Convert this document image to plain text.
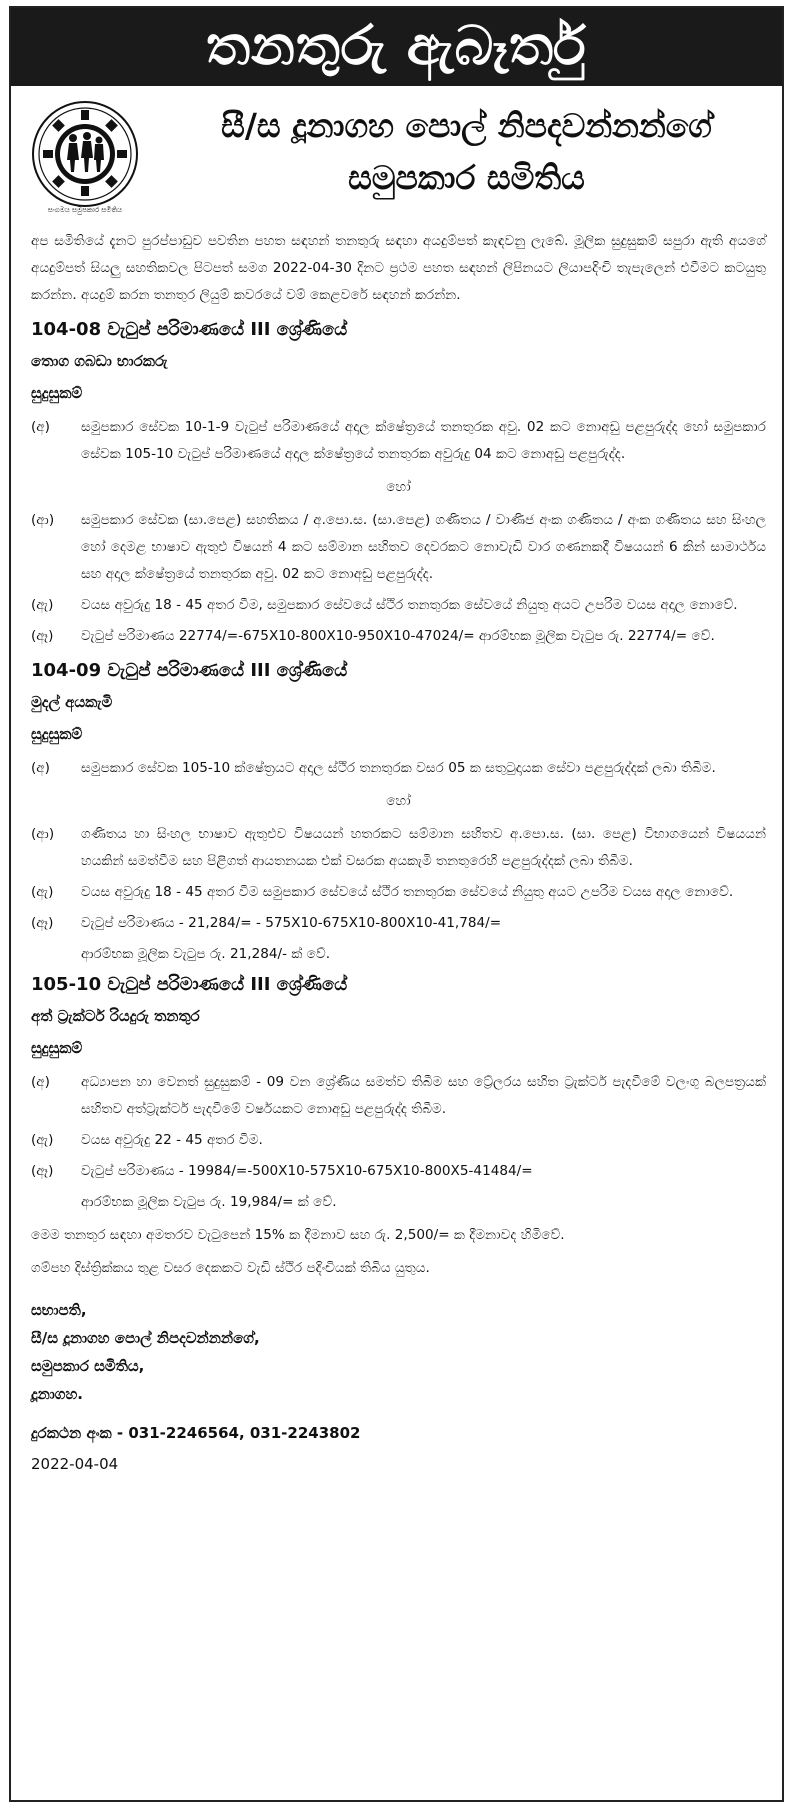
තනතුරු ඇබෑර්තු
සංගමය සමුපකාර සමිතිය
සී/ස දූනාගහ පොල් නිපදවන්නන්ගේ
සමුපකාර සමිතිය

අප සමිතියේ දැනට පුරප්පාඩුව පවතින පහත සඳහන් තනතුරු සඳහා අයදුම්පත් කැඳවනු ලැබේ. මූලික සුදුසුකම් සපුරා ඇති අයගේ අයදුම්පත් සියලු සහතිකවල පිටපත් සමග 2022-04-30 දිනට ප්‍රථම පහත සඳහන් ලිපිනයට ලියාපදිංචි තැපැලෙන් එවීමට කටයුතු කරන්න. අයදුම් කරන තනතුර ලියුම් කවරයේ වම් කෙළවරේ සඳහන් කරන්න.

104-08 වැටුප් පරිමාණයේ III ශ්‍රේණියේ

තොග ගබඩා භාරකරු

සුදුසුකම්

(අ)	සමුපකාර සේවක 10-1-9 වැටුප් පරිමාණයේ අදාල ක්ෂේත්‍රයේ තනතුරක අවු. 02 කට නොඅඩු පළපුරුද්ද හෝ සමුපකාර සේවක 105-10 වැටුප් පරිමාණයේ අදාල ක්ෂේත්‍රයේ තනතුරක අවුරුදු 04 කට නොඅඩු පළපුරුද්ද.
හෝ
(ආ)	සමුපකාර සේවක (සා.පෙළ) සහතිකය / අ.පො.ස. (සා.පෙළ) ගණිතය / වාණිජ අංක ගණිතය / අංක ගණිතය සහ සිංහල හෝ දෙමළ භාෂාව ඇතුළු විෂයන් 4 කට සම්මාන සහිතව දෙවරකට නොවැඩි වාර ගණනකදී විෂයයන් 6 කින් සාමාර්ථය සහ අදාල ක්ෂේත්‍රයේ තනතුරක අවු. 02 කට නොඅඩු පළපුරුද්ද.
(ඇ)	වයස අවුරුදු 18 - 45 අතර වීම, සමුපකාර සේවයේ ස්ථිර තනතුරක සේවයේ නියුතු අයට උපරිම වයස අදාල නොවේ.
(ඈ)	වැටුප් පරිමාණය 22774/=-675X10-800X10-950X10-47024/= ආරම්භක මූලික වැටුප රු. 22774/= වේ.

104-09 වැටුප් පරිමාණයේ III ශ්‍රේණියේ

මුදල් අයකැමි

සුදුසුකම්

(අ)	සමුපකාර සේවක 105-10 ක්ෂේත්‍රයට අදාල ස්ථිර තනතුරක වසර 05 ක සතුටුදායක සේවා පළපුරුද්දක් ලබා තිබීම.
හෝ
(ආ)	ගණිතය හා සිංහල භාෂාව ඇතුළුව විෂයයන් හතරකට සම්මාන සහිතව අ.පො.ස. (සා. පෙළ) විභාගයෙන් විෂයයන් හයකින් සමත්වීම සහ පිළිගත් ආයතනයක එක් වසරක අයකැමි තනතුරෙහි පළපුරුද්දක් ලබා තිබීම.
(ඇ)	වයස අවුරුදු 18 - 45 අතර වීම සමුපකාර සේවයේ ස්ථිර තනතුරක සේවයේ නියුතු අයට උපරිම වයස අදාල නොවේ.
(ඈ)	වැටුප් පරිමාණය - 21,284/= - 575X10-675X10-800X10-41,784/=
ආරම්භක මූලික වැටුප රු. 21,284/- ක් වේ.

105-10 වැටුප් පරිමාණයේ III ශ්‍රේණියේ

අත් ට්‍රැක්ටර් රියදුරු තනතුර

සුදුසුකම්

(අ)	අධ්‍යාපන හා වෙනත් සුදුසුකම් - 09 වන ශ්‍රේණිය සමත්ව තිබීම සහ ට්‍රේලරය සහිත ට්‍රැක්ටර් පැදවීමේ වලංගු බලපත්‍රයක් සහිතව අත්ට්‍රැක්ටර් පැදවීමේ වර්ෂයකට නොඅඩු පළපුරුද්ද තිබීම.
(ඇ)	වයස අවුරුදු 22 - 45 අතර වීම.
(ඈ)	වැටුප් පරිමාණය - 19984/=-500X10-575X10-675X10-800X5-41484/=
ආරම්භක මූලික වැටුප රු. 19,984/= ක් වේ.

මෙම තනතුර සඳහා අමතරව වැටුපෙන් 15% ක දීමනාව සහ රු. 2,500/= ක දීමනාවද හිමිවේ.

ගම්පහ දිස්ත්‍රික්කය තුළ වසර දෙකකට වැඩි ස්ථිර පදිංචියක් තිබිය යුතුය.

සභාපති,
සී/ස දූනාගහ පොල් නිපදවන්නන්ගේ,
සමුපකාර සමිතිය,
දූනාගහ.
දුරකථන අංක - 031-2246564, 031-2243802
2022-04-04
